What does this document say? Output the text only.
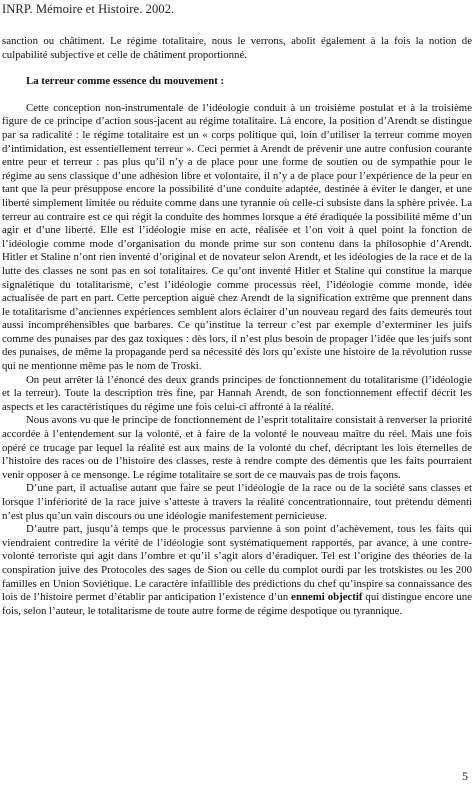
INRP. Mémoire et Histoire. 2002.

sanction ou châtiment. Le régime totalitaire, nous le verrons, abolit également à la fois la notion de culpabilité subjective et celle de châtiment proportionné.

La terreur comme essence du mouvement :

Cette conception non-instrumentale de l’idéologie conduit à un troisième postulat et à la troisième figure de ce principe d’action sous-jacent au régime totalitaire. Là encore, la position d’Arendt se distingue par sa radicalité : le régime totalitaire est un « corps politique qui, loin d’utiliser la terreur comme moyen d’intimidation, est essentiellement terreur ». Ceci permet à Arendt de prévenir une autre confusion courante entre peur et terreur : pas plus qu’il n’y a de place pour une forme de soutien ou de sympathie pour le régime au sens classique d’une adhésion libre et volontaire, il n’y a de place pour l’expérience de la peur en tant que la peur présuppose encore la possibilité d’une conduite adaptée, destinée à éviter le danger, et une liberté simplement limitée ou réduite comme dans une tyrannie où celle-ci subsiste dans la sphère privée. La terreur au contraire est ce qui régit la conduite des hommes lorsque a été éradiquée la possibilité même d’un agir et d’une liberté. Elle est l’idéologie mise en acte, réalisée et l’on voit à quel point la fonction de l’idéologie comme mode d’organisation du monde prime sur son contenu dans la philosophie d’Arendt. Hitler et Staline n’ont rien inventé d’original et de novateur selon Arendt, et les idéologies de la race et de la lutte des classes ne sont pas en soi totalitaires. Ce qu’ont inventé Hitler et Staline qui constitue la marque signalétique du totalitarisme, c’est l’idéologie comme processus réel, l’idéologie comme monde, idée actualisée de part en part. Cette perception aiguë chez Arendt de la signification extrême que prennent dans le totalitarisme d’anciennes expériences semblent alors éclairer d’un nouveau regard des faits demeurés tout aussi incompréhensibles que barbares. Ce qu’institue la terreur c’est par exemple d’exterminer les juifs comme des punaises par des gaz toxiques : dès lors, il n’est plus besoin de propager l’idée que les juifs sont des punaises, de même la propagande perd sa nécessité dès lors qu’existe une histoire de la révolution russe qui ne mentionne même pas le nom de Troski.

On peut arrêter là l’énoncé des deux grands principes de fonctionnement du totalitarisme (l’idéologie et la terreur). Toute la description très fine, par Hannah Arendt, de son fonctionnement effectif décrit les aspects et les caractéristiques du régime une fois celui-ci affronté à la réalité.

Nous avons vu que le principe de fonctionnement de l’esprit totalitaire consistait à renverser la priorité accordée à l’entendement sur la volonté, et à faire de la volonté le nouveau maître du réel. Mais une fois opéré ce trucage par lequel la réalité est aux mains de la volonté du chef, décriptant les lois éternelles de l’histoire des races ou de l’histoire des classes, reste à rendre compte des démentis que les faits pourraient venir opposer à ce mensonge. Le régime totalitaire se sort de ce mauvais pas de trois façons.

D’une part, il actualise autant que faire se peut l’idéologie de la race ou de la société sans classes et lorsque l’infériorité de la race juive s’atteste à travers la réalité concentrationnaire, tout prétendu démenti n’est plus qu’un vain discours ou une idéologie manifestement pernicieuse.

D’autre part, jusqu’à temps que le processus parvienne à son point d’achèvement, tous les faits qui viendraient contredire la vérité de l’idéologie sont systématiquement rapportés, par avance, à une contre-volonté terroriste qui agit dans l’ombre et qu’il s’agit alors d’éradiquer. Tel est l’origine des théories de la conspiration juive des Protocoles des sages de Sion ou celle du complot ourdi par les trotskistes ou les 200 familles en Union Soviétique. Le caractère infaillible des prédictions du chef qu’inspire sa connaissance des lois de l’histoire permet d’établir par anticipation l’existence d’un ennemi objectif qui distingue encore une fois, selon l’auteur, le totalitarisme de toute autre forme de régime despotique ou tyrannique.

5
